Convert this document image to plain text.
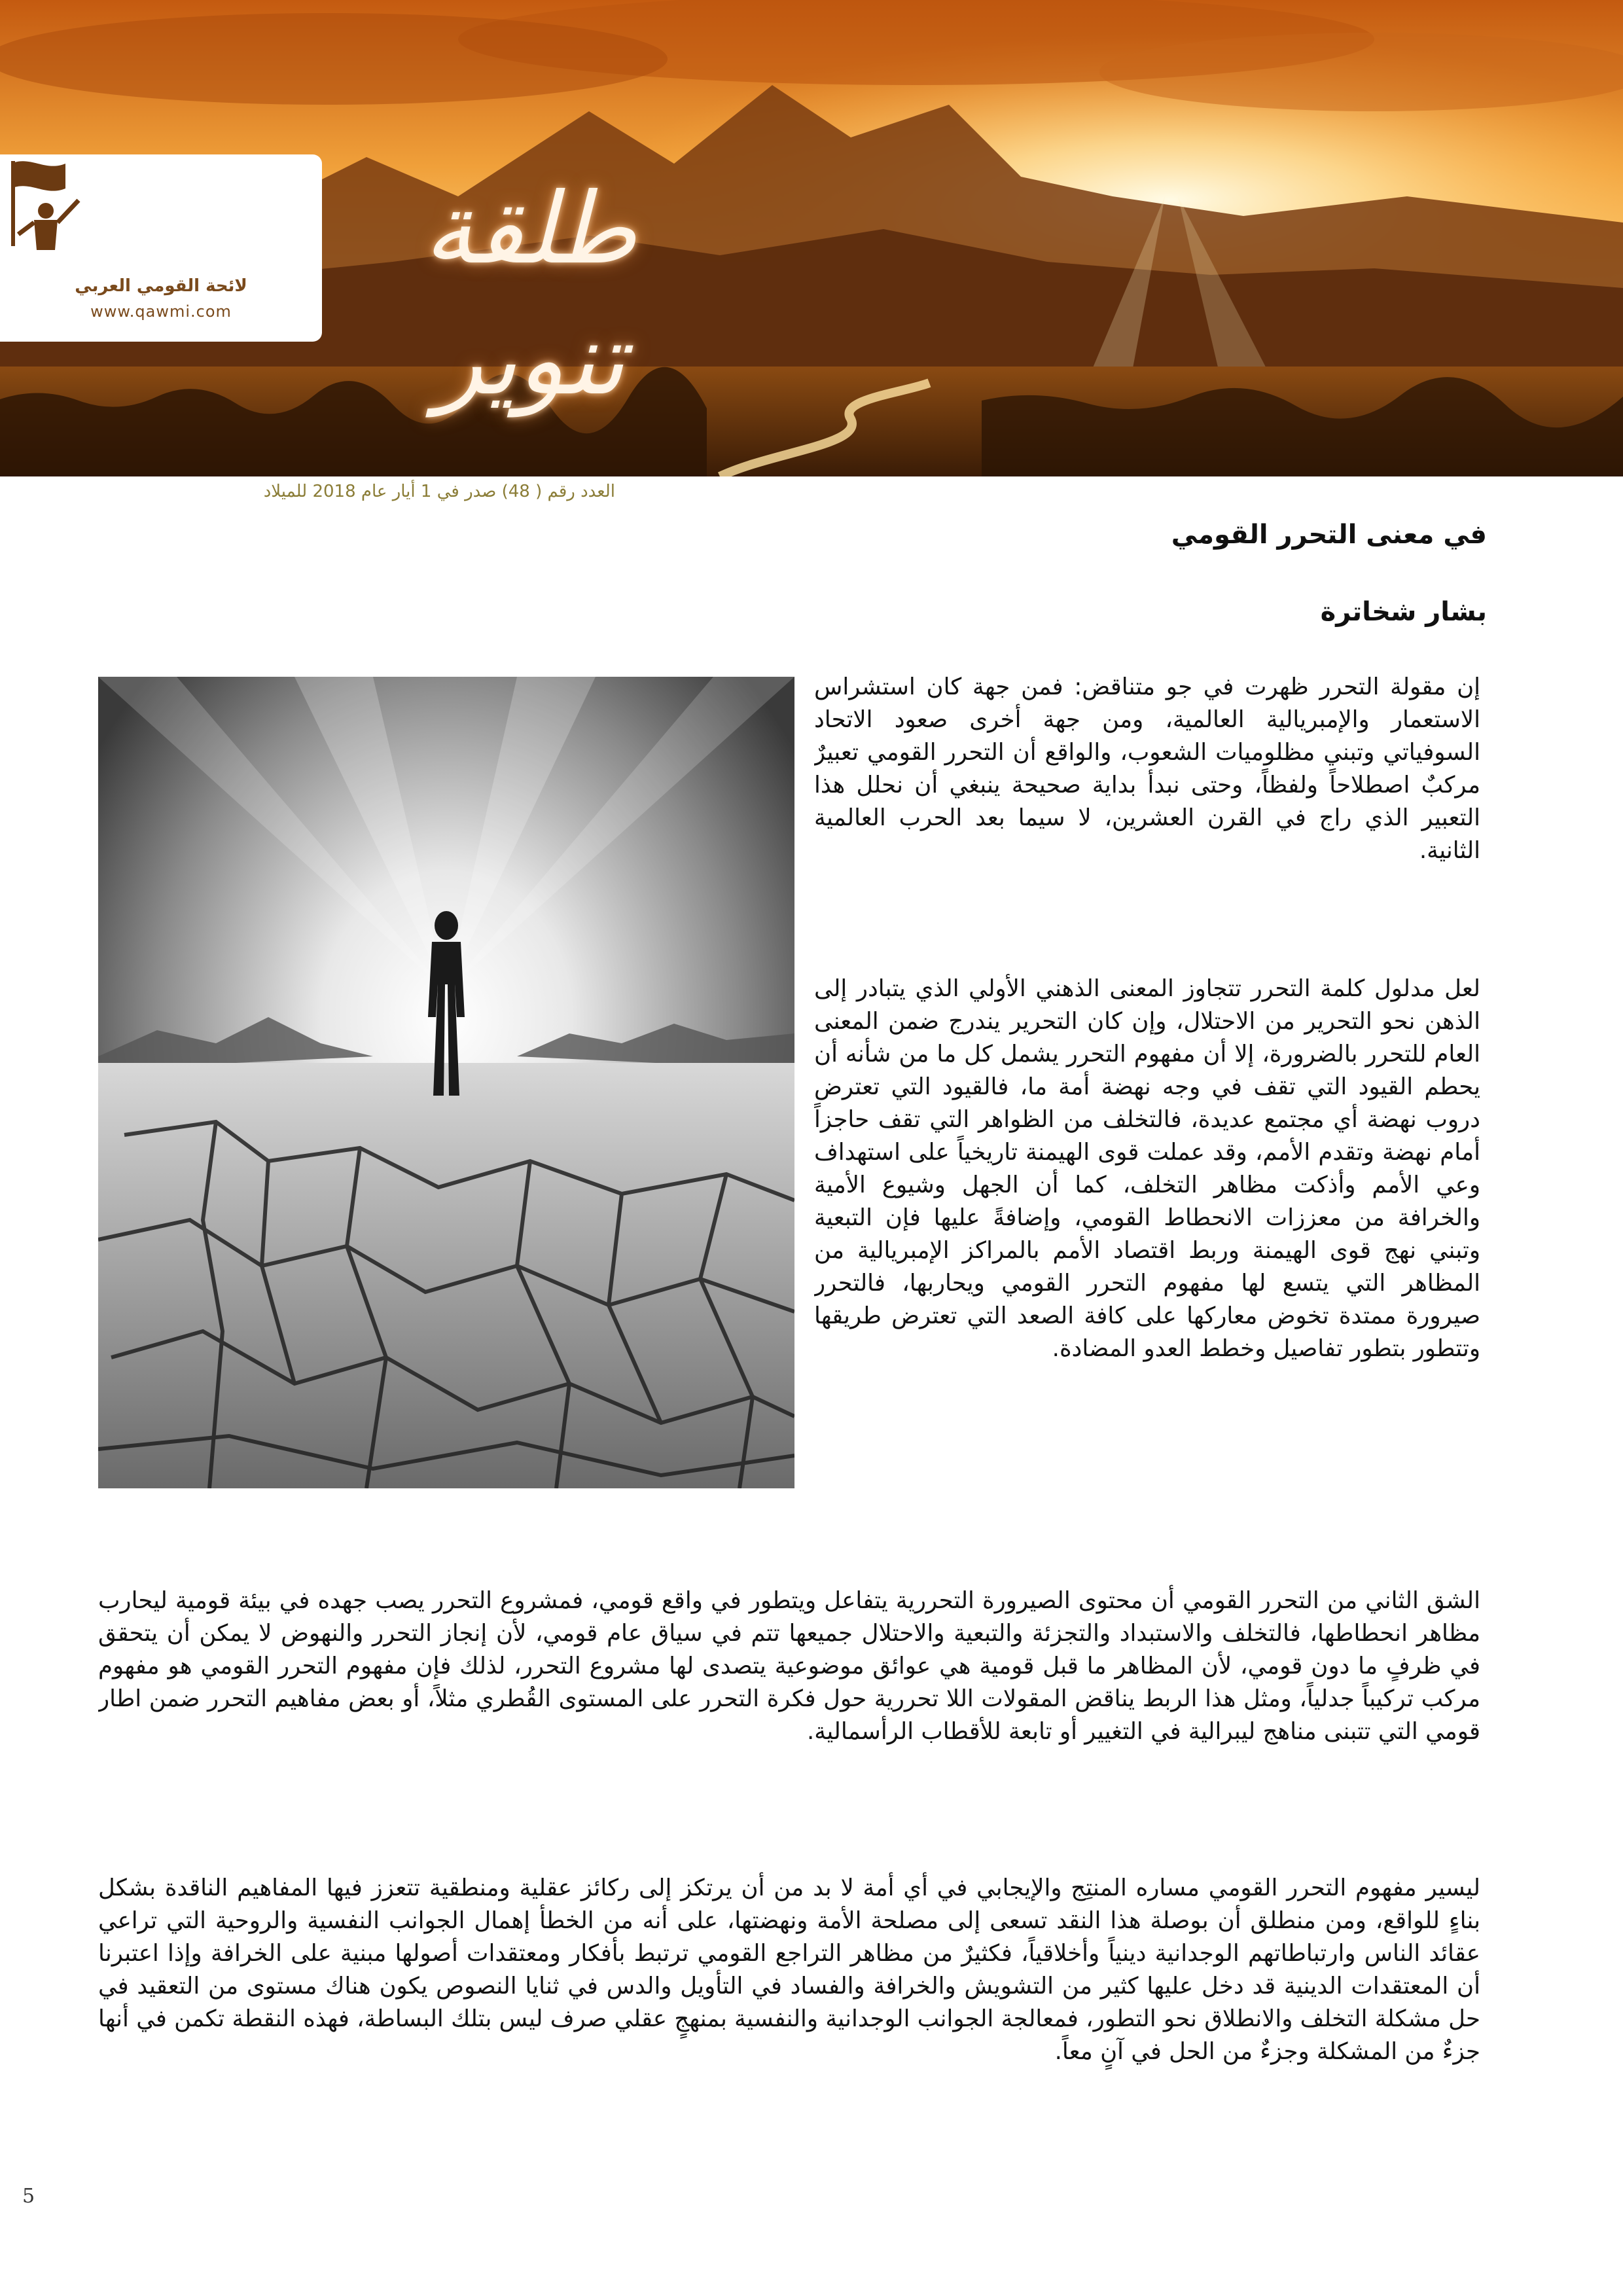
لائحة القومي العربي
www.qawmi.com
طلقة تنوير
العدد رقم ( 48) صدر في 1 أيار عام 2018 للميلاد
في معنى التحرر القومي
بشار شخاترة

إن مقولة التحرر ظهرت في جو متناقض: فمن جهة كان استشراس الاستعمار والإمبريالية العالمية، ومن جهة أخرى صعود الاتحاد السوفياتي وتبني مظلوميات الشعوب، والواقع أن التحرر القومي تعبيرٌ مركبٌ اصطلاحاً ولفظاً، وحتى نبدأ بداية صحيحة ينبغي أن نحلل هذا التعبير الذي راج في القرن العشرين، لا سيما بعد الحرب العالمية الثانية.

لعل مدلول كلمة التحرر تتجاوز المعنى الذهني الأولي الذي يتبادر إلى الذهن نحو التحرير من الاحتلال، وإن كان التحرير يندرج ضمن المعنى العام للتحرر بالضرورة، إلا أن مفهوم التحرر يشمل كل ما من شأنه أن يحطم القيود التي تقف في وجه نهضة أمة ما، فالقيود التي تعترض دروب نهضة أي مجتمع عديدة، فالتخلف من الظواهر التي تقف حاجزاً أمام نهضة وتقدم الأمم، وقد عملت قوى الهيمنة تاريخياً على استهداف وعي الأمم وأذكت مظاهر التخلف، كما أن الجهل وشيوع الأمية والخرافة من معززات الانحطاط القومي، وإضافةً عليها فإن التبعية وتبني نهج قوى الهيمنة وربط اقتصاد الأمم بالمراكز الإمبريالية من المظاهر التي يتسع لها مفهوم التحرر القومي ويحاربها، فالتحرر صيرورة ممتدة تخوض معاركها على كافة الصعد التي تعترض طريقها وتتطور بتطور تفاصيل وخطط العدو المضادة.

الشق الثاني من التحرر القومي أن محتوى الصيرورة التحررية يتفاعل ويتطور في واقع قومي، فمشروع التحرر يصب جهده في بيئة قومية ليحارب مظاهر انحطاطها، فالتخلف والاستبداد والتجزئة والتبعية والاحتلال جميعها تتم في سياق عام قومي، لأن إنجاز التحرر والنهوض لا يمكن أن يتحقق في ظرفٍ ما دون قومي، لأن المظاهر ما قبل قومية هي عوائق موضوعية يتصدى لها مشروع التحرر، لذلك فإن مفهوم التحرر القومي هو مفهوم مركب تركيباً جدلياً، ومثل هذا الربط يناقض المقولات اللا تحررية حول فكرة التحرر على المستوى القُطري مثلاً، أو بعض مفاهيم التحرر ضمن اطار قومي التي تتبنى مناهج ليبرالية في التغيير أو تابعة للأقطاب الرأسمالية.

ليسير مفهوم التحرر القومي مساره المنتِج والإيجابي في أي أمة لا بد من أن يرتكز إلى ركائز عقلية ومنطقية تتعزز فيها المفاهيم الناقدة بشكل بناءٍ للواقع، ومن منطلق أن بوصلة هذا النقد تسعى إلى مصلحة الأمة ونهضتها، على أنه من الخطأ إهمال الجوانب النفسية والروحية التي تراعي عقائد الناس وارتباطاتهم الوجدانية دينياً وأخلاقياً، فكثيرٌ من مظاهر التراجع القومي ترتبط بأفكار ومعتقدات أصولها مبنية على الخرافة وإذا اعتبرنا أن المعتقدات الدينية قد دخل عليها كثير من التشويش والخرافة والفساد في التأويل والدس في ثنايا النصوص يكون هناك مستوى من التعقيد في حل مشكلة التخلف والانطلاق نحو التطور، فمعالجة الجوانب الوجدانية والنفسية بمنهجٍ عقلي صرف ليس بتلك البساطة، فهذه النقطة تكمن في أنها جزءٌ من المشكلة وجزءٌ من الحل في آنٍ معاً.

5
